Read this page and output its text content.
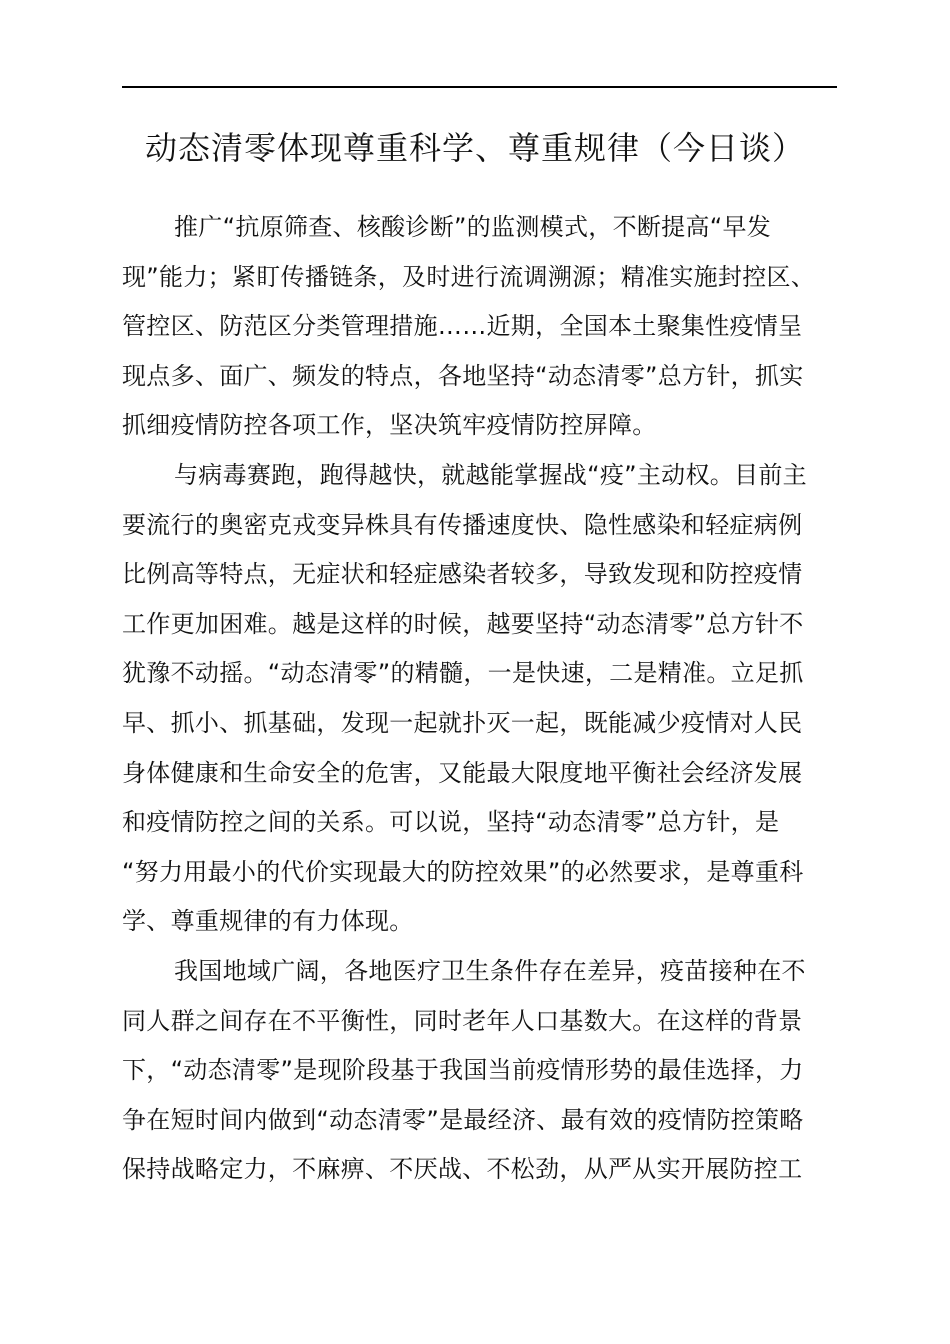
动态清零体现尊重科学、尊重规律（今日谈）
推广“抗原筛查、核酸诊断”的监测模式，不断提高“早发
现”能力；紧盯传播链条，及时进行流调溯源；精准实施封控区、
管控区、防范区分类管理措施……近期，全国本土聚集性疫情呈
现点多、面广、频发的特点，各地坚持“动态清零”总方针，抓实
抓细疫情防控各项工作，坚决筑牢疫情防控屏障。
与病毒赛跑，跑得越快，就越能掌握战“疫”主动权。目前主
要流行的奥密克戎变异株具有传播速度快、隐性感染和轻症病例
比例高等特点，无症状和轻症感染者较多，导致发现和防控疫情
工作更加困难。越是这样的时候，越要坚持“动态清零”总方针不
犹豫不动摇。“动态清零”的精髓，一是快速，二是精准。立足抓
早、抓小、抓基础，发现一起就扑灭一起，既能减少疫情对人民
身体健康和生命安全的危害，又能最大限度地平衡社会经济发展
和疫情防控之间的关系。可以说，坚持“动态清零”总方针，是
“努力用最小的代价实现最大的防控效果”的必然要求，是尊重科
学、尊重规律的有力体现。
我国地域广阔，各地医疗卫生条件存在差异，疫苗接种在不
同人群之间存在不平衡性，同时老年人口基数大。在这样的背景
下，“动态清零”是现阶段基于我国当前疫情形势的最佳选择，力
争在短时间内做到“动态清零”是最经济、最有效的疫情防控策略
保持战略定力，不麻痹、不厌战、不松劲，从严从实开展防控工
